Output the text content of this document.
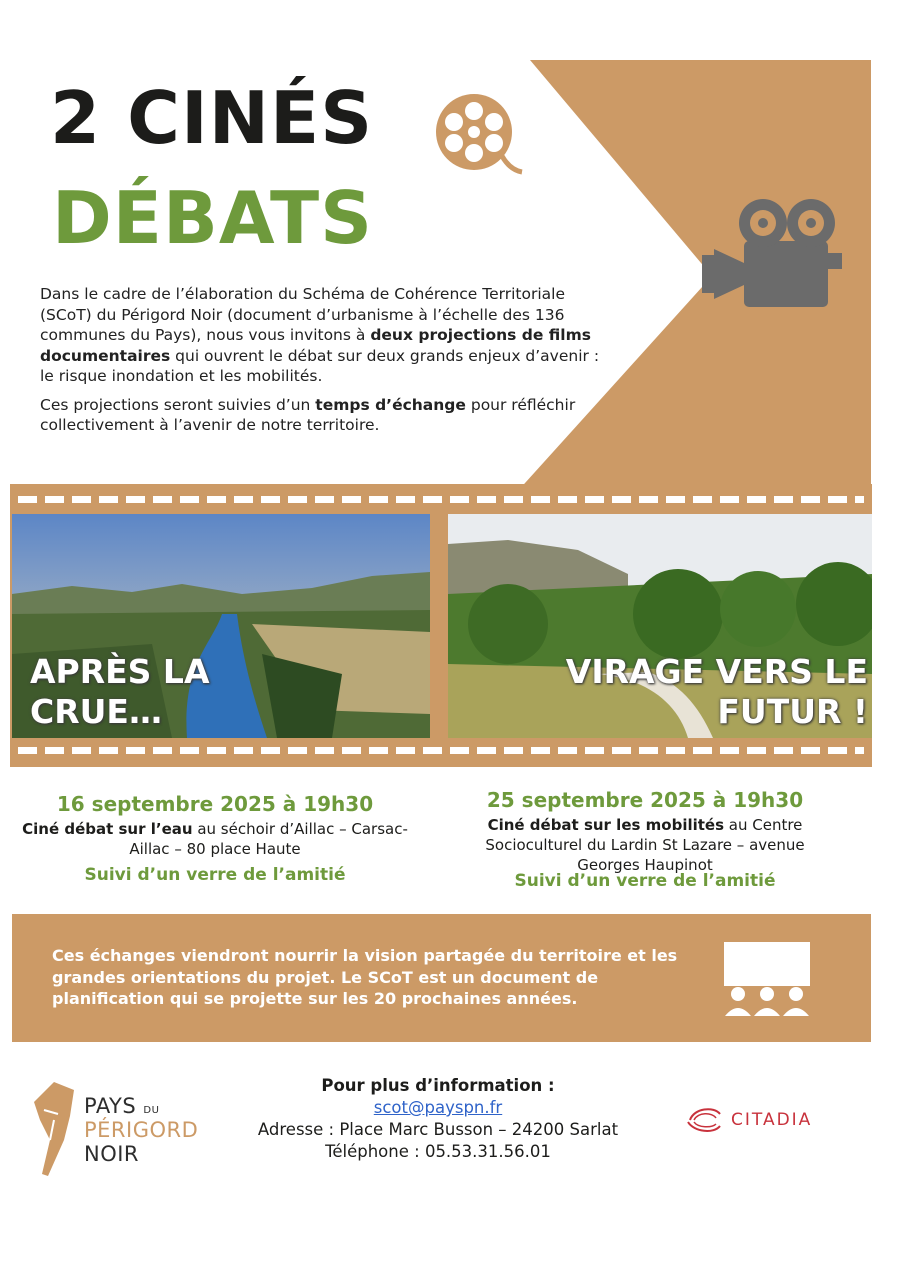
2 CINÉS
DÉBATS

Dans le cadre de l’élaboration du Schéma de Cohérence Territoriale (SCoT) du Périgord Noir (document d’urbanisme à l’échelle des 136 communes du Pays), nous vous invitons à deux projections de films documentaires qui ouvrent le débat sur deux grands enjeux d’avenir : le risque inondation et les mobilités.

Ces projections seront suivies d’un temps d’échange pour réfléchir collectivement à l’avenir de notre territoire.

APRÈS LA CRUE…
VIRAGE VERS LE FUTUR !
16 septembre 2025 à 19h30
Ciné débat sur l’eau au séchoir d’Aillac – Carsac-Aillac – 80 place Haute
Suivi d’un verre de l’amitié
25 septembre 2025 à 19h30
Ciné débat sur les mobilités au Centre Socioculturel du Lardin St Lazare – avenue Georges Haupinot
Suivi d’un verre de l’amitié
Ces échanges viendront nourrir la vision partagée du territoire et les grandes orientations du projet. Le SCoT est un document de planification qui se projette sur les 20 prochaines années.
PAYS DU
PÉRIGORD
NOIR
Pour plus d’information :
scot@payspn.fr
Adresse : Place Marc Busson – 24200 Sarlat
Téléphone : 05.53.31.56.01
CITADIA
